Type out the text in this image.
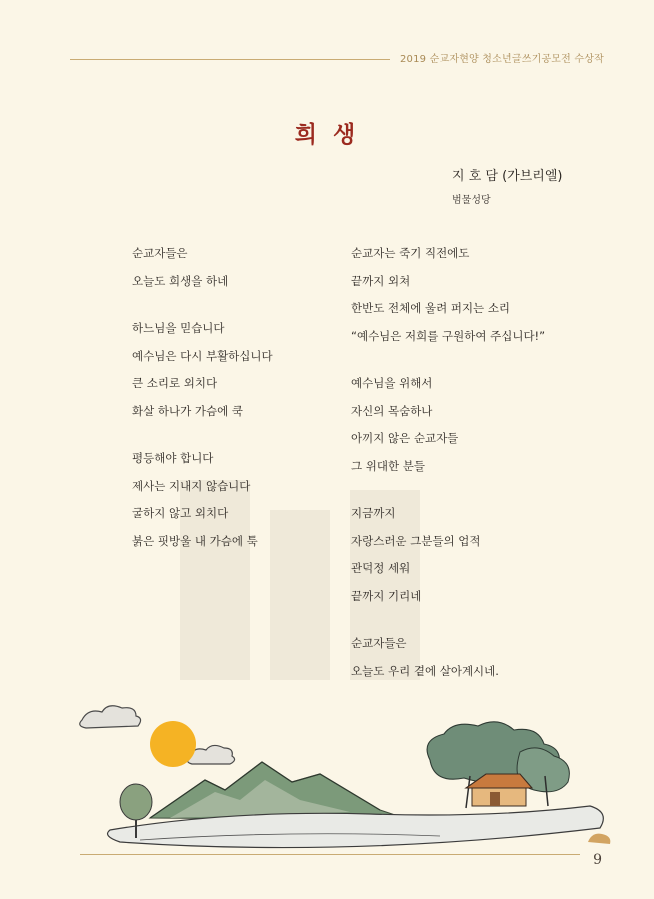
2019 순교자현양 청소년글쓰기공모전 수상작
희 생
지 호 담 (가브리엘)
범물성당
순교자들은
오늘도 희생을 하네
하느님을 믿습니다
예수님은 다시 부활하십니다
큰 소리로 외치다
화살 하나가 가슴에 쿡
평등해야 합니다
제사는 지내지 않습니다
굴하지 않고 외치다
붉은 핏방울 내 가슴에 툭
순교자는 죽기 직전에도
끝까지 외쳐
한반도 전체에 울려 퍼지는 소리
“예수님은 저희를 구원하여 주십니다!”
예수님을 위해서
자신의 목숨하나
아끼지 않은 순교자들
그 위대한 분들
지금까지
자랑스러운 그분들의 업적
관덕정 세워
끝까지 기리네
순교자들은
오늘도 우리 곁에 살아계시네.
9
